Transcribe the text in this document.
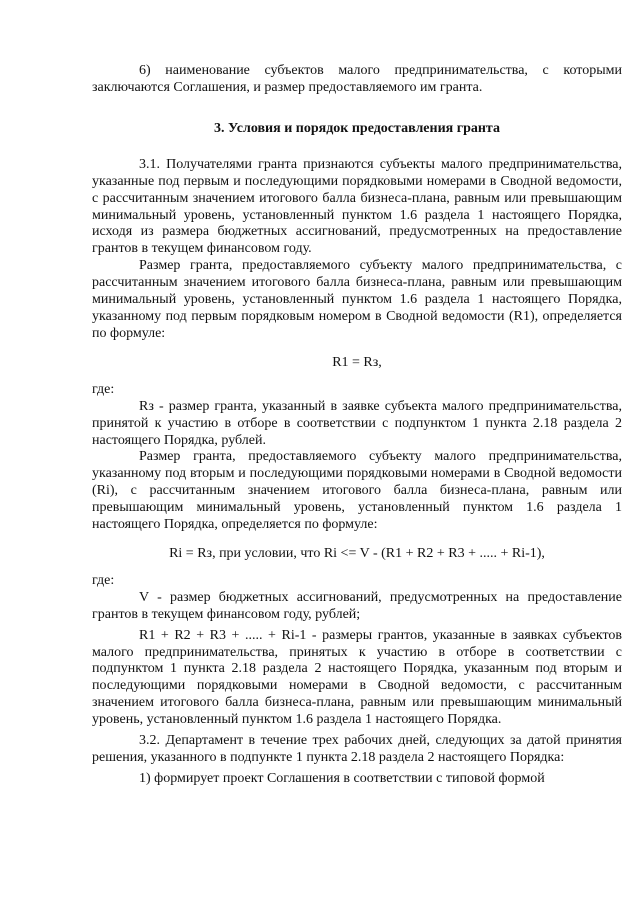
6) наименование субъектов малого предпринимательства, с которыми заключаются Соглашения, и размер предоставляемого им гранта.

3. Условия и порядок предоставления гранта

3.1. Получателями гранта признаются субъекты малого предпринимательства, указанные под первым и последующими порядковыми номерами в Сводной ведомости, с рассчитанным значением итогового балла бизнеса-плана, равным или превышающим минимальный уровень, установленный пунктом 1.6 раздела 1 настоящего Порядка, исходя из размера бюджетных ассигнований, предусмотренных на предоставление грантов в текущем финансовом году.

Размер гранта, предоставляемого субъекту малого предпринимательства, с рассчитанным значением итогового балла бизнеса-плана, равным или превышающим минимальный уровень, установленный пунктом 1.6 раздела 1 настоящего Порядка, указанному под первым порядковым номером в Сводной ведомости (R1), определяется по формуле:

R1 = Rз,

где:

Rз - размер гранта, указанный в заявке субъекта малого предпринимательства, принятой к участию в отборе в соответствии с подпунктом 1 пункта 2.18 раздела 2 настоящего Порядка, рублей.

Размер гранта, предоставляемого субъекту малого предпринимательства, указанному под вторым и последующими порядковыми номерами в Сводной ведомости (Ri), с рассчитанным значением итогового балла бизнеса-плана, равным или превышающим минимальный уровень, установленный пунктом 1.6 раздела 1 настоящего Порядка, определяется по формуле:

Ri = Rз, при условии, что Ri <= V - (R1 + R2 + R3 + ..... + Ri-1),

где:

V - размер бюджетных ассигнований, предусмотренных на предоставление грантов в текущем финансовом году, рублей;

R1 + R2 + R3 + ..... + Ri-1 - размеры грантов, указанные в заявках субъектов малого предпринимательства, принятых к участию в отборе в соответствии с подпунктом 1 пункта 2.18 раздела 2 настоящего Порядка, указанным под вторым и последующими порядковыми номерами в Сводной ведомости, с рассчитанным значением итогового балла бизнеса-плана, равным или превышающим минимальный уровень, установленный пунктом 1.6 раздела 1 настоящего Порядка.

3.2. Департамент в течение трех рабочих дней, следующих за датой принятия решения, указанного в подпункте 1 пункта 2.18 раздела 2 настоящего Порядка:

1) формирует проект Соглашения в соответствии с типовой формой
